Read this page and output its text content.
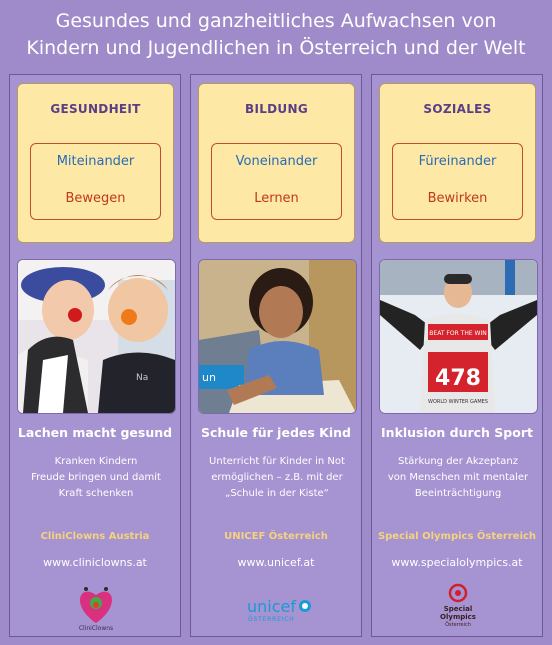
Gesundes und ganzheitliches Aufwachsen von
Kindern und Jugendlichen in Österreich und der Welt
GESUNDHEIT
Miteinander
Bewegen
Na
Lachen macht gesund
Kranken Kindern
Freude bringen und damit
Kraft schenken
CliniClowns Austria
www.cliniclowns.at
CliniClowns
BILDUNG
Voneinander
Lernen
un
Schule für jedes Kind
Unterricht für Kinder in Not
ermöglichen – z.B. mit der
„Schule in der Kiste“
UNICEF Österreich
www.unicef.at
unicef
ÖSTERREICH
SOZIALES
Füreinander
Bewirken
BEAT FOR THE WIN
478
WORLD WINTER GAMES
Inklusion durch Sport
Stärkung der Akzeptanz
von Menschen mit mentaler
Beeinträchtigung
Special Olympics Österreich
www.specialolympics.at
Special
Olympics
Österreich
